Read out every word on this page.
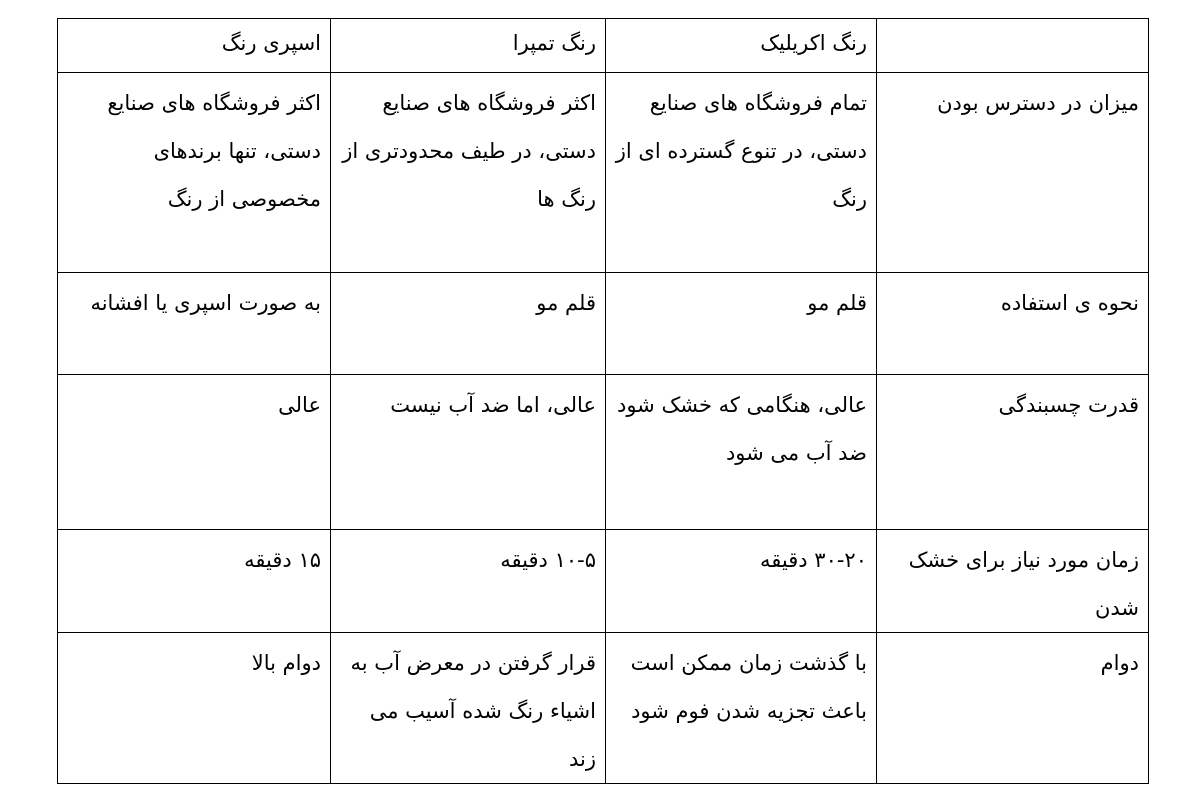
	رنگ اکریلیک	رنگ تمپرا	اسپری رنگ
میزان در دسترس بودن	تمام فروشگاه های صنایع دستی، در تنوع گسترده ای از رنگ	اکثر فروشگاه های صنایع دستی، در طیف محدودتری از رنگ ها	اکثر فروشگاه های صنایع دستی، تنها برندهای مخصوصی از رنگ
نحوه ی استفاده	قلم مو	قلم مو	به صورت اسپری یا افشانه
قدرت چسبندگی	عالی، هنگامی که خشک شود ضد آب می شود	عالی، اما ضد آب نیست	عالی
زمان مورد نیاز برای خشک شدن	۳۰-۲۰ دقیقه	۱۰-۵ دقیقه	۱۵ دقیقه
دوام	با گذشت زمان ممکن است باعث تجزیه شدن فوم شود	قرار گرفتن در معرض آب به اشیاء رنگ شده آسیب می زند	دوام بالا
